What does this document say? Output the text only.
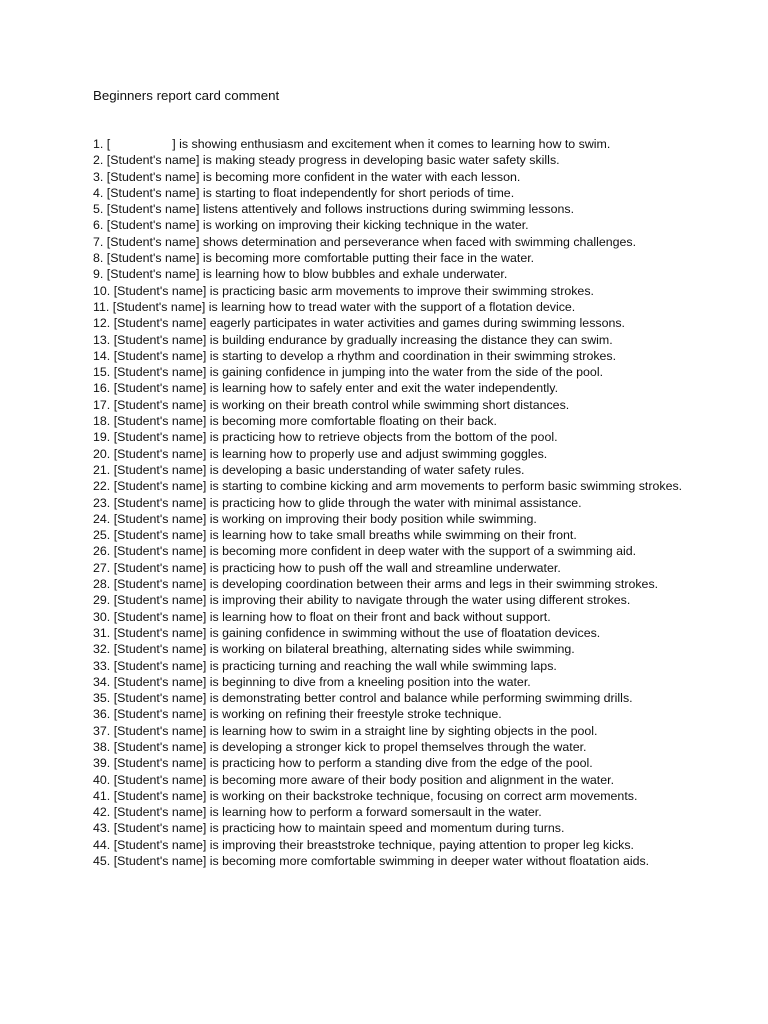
Beginners report card comment
1. [	] is showing enthusiasm and excitement when it comes to learning how to swim.
2. [Student's name] is making steady progress in developing basic water safety skills.
3. [Student's name] is becoming more confident in the water with each lesson.
4. [Student's name] is starting to float independently for short periods of time.
5. [Student's name] listens attentively and follows instructions during swimming lessons.
6. [Student's name] is working on improving their kicking technique in the water.
7. [Student's name] shows determination and perseverance when faced with swimming challenges.
8. [Student's name] is becoming more comfortable putting their face in the water.
9. [Student's name] is learning how to blow bubbles and exhale underwater.
10. [Student's name] is practicing basic arm movements to improve their swimming strokes.
11. [Student's name] is learning how to tread water with the support of a flotation device.
12. [Student's name] eagerly participates in water activities and games during swimming lessons.
13. [Student's name] is building endurance by gradually increasing the distance they can swim.
14. [Student's name] is starting to develop a rhythm and coordination in their swimming strokes.
15. [Student's name] is gaining confidence in jumping into the water from the side of the pool.
16. [Student's name] is learning how to safely enter and exit the water independently.
17. [Student's name] is working on their breath control while swimming short distances.
18. [Student's name] is becoming more comfortable floating on their back.
19. [Student's name] is practicing how to retrieve objects from the bottom of the pool.
20. [Student's name] is learning how to properly use and adjust swimming goggles.
21. [Student's name] is developing a basic understanding of water safety rules.
22. [Student's name] is starting to combine kicking and arm movements to perform basic swimming strokes.
23. [Student's name] is practicing how to glide through the water with minimal assistance.
24. [Student's name] is working on improving their body position while swimming.
25. [Student's name] is learning how to take small breaths while swimming on their front.
26. [Student's name] is becoming more confident in deep water with the support of a swimming aid.
27. [Student's name] is practicing how to push off the wall and streamline underwater.
28. [Student's name] is developing coordination between their arms and legs in their swimming strokes.
29. [Student's name] is improving their ability to navigate through the water using different strokes.
30. [Student's name] is learning how to float on their front and back without support.
31. [Student's name] is gaining confidence in swimming without the use of floatation devices.
32. [Student's name] is working on bilateral breathing, alternating sides while swimming.
33. [Student's name] is practicing turning and reaching the wall while swimming laps.
34. [Student's name] is beginning to dive from a kneeling position into the water.
35. [Student's name] is demonstrating better control and balance while performing swimming drills.
36. [Student's name] is working on refining their freestyle stroke technique.
37. [Student's name] is learning how to swim in a straight line by sighting objects in the pool.
38. [Student's name] is developing a stronger kick to propel themselves through the water.
39. [Student's name] is practicing how to perform a standing dive from the edge of the pool.
40. [Student's name] is becoming more aware of their body position and alignment in the water.
41. [Student's name] is working on their backstroke technique, focusing on correct arm movements.
42. [Student's name] is learning how to perform a forward somersault in the water.
43. [Student's name] is practicing how to maintain speed and momentum during turns.
44. [Student's name] is improving their breaststroke technique, paying attention to proper leg kicks.
45. [Student's name] is becoming more comfortable swimming in deeper water without floatation aids.
